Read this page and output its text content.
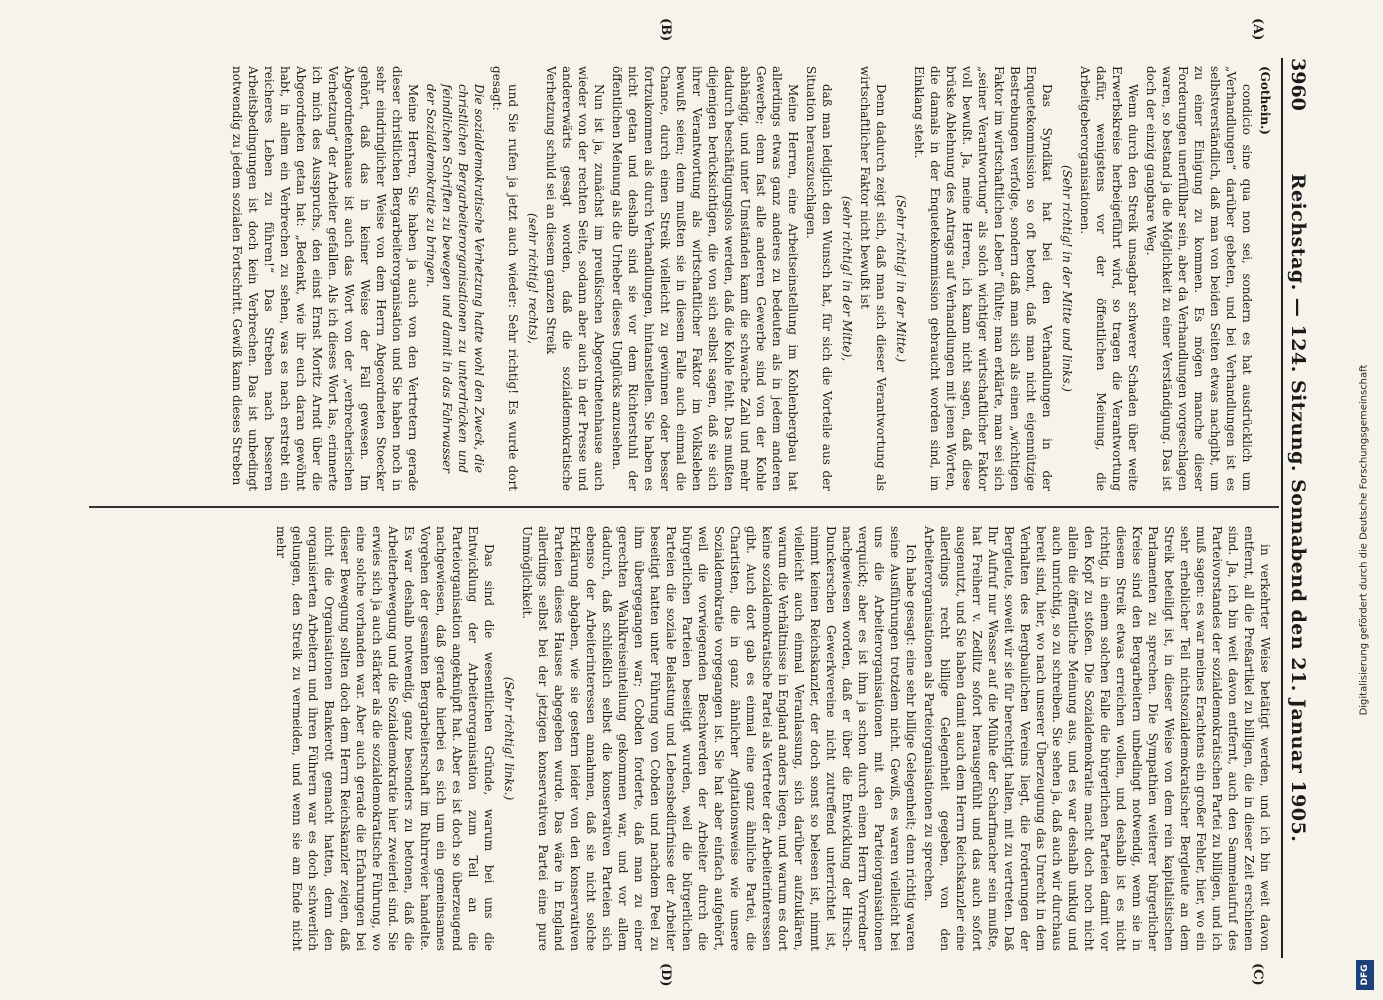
3960
Reichstag. — 124. Sitzung. Sonnabend den 21. Januar 1905.
(A)
(B)
(C)
(D)

(Gothein.)

condicio sine qua non sei, sondern es hat ausdrücklich um „Verhandlungen“ darüber gebeten, und bei Verhandlungen ist es selbstverständlich, daß man von beiden Seiten etwas nachgibt, um zu einer Einigung zu kommen. Es mögen manche dieser Forderungen unerfüllbar sein, aber da Verhandlungen vorgeschlagen waren, so bestand ja die Möglichkeit zu einer Verständigung. Das ist doch der einzig gangbare Weg.

Wenn durch den Streik unsagbar schwerer Schaden über weite Erwerbskreise herbeigeführt wird, so tragen die Verantwortung dafür, wenigstens vor der öffentlichen Meinung, die Arbeitgeberorganisationen.

(Sehr richtig! in der Mitte und links.)

Das Syndikat hat bei den Verhandlungen in der Enquetekommission so oft betont, daß man nicht eigennützige Bestrebungen verfolge, sondern daß man sich als einen „wichtigen Faktor im wirtschaftlichen Leben“ fühlte; man erklärte, man sei sich „seiner Verantwortung“ als solch wichtiger wirtschaftlicher Faktor voll bewußt. Ja, meine Herren, ich kann nicht sagen, daß diese brüske Ablehnung des Antrags auf Verhandlungen mit jenen Worten, die damals in der Enquetekommission gebraucht worden sind, im Einklang steht.

(Sehr richtig! in der Mitte.)

Denn dadurch zeigt sich, daß man sich dieser Verantwortung als wirtschaftlicher Faktor nicht bewußt ist

(sehr richtig! in der Mitte),

daß man lediglich den Wunsch hat, für sich die Vorteile aus der Situation herauszuschlagen.

Meine Herren, eine Arbeitseinstellung im Kohlenbergbau hat allerdings etwas ganz anderes zu bedeuten als in jedem anderen Gewerbe; denn fast alle anderen Gewerbe sind von der Kohle abhängig, und unter Umständen kann die schwache Zahl und mehr dadurch beschäftigungslos werden, daß die Kohle fehlt. Das mußten diejenigen berücksichtigen, die von sich selbst sagen, daß sie sich ihrer Verantwortung als wirtschaftlicher Faktor im Volksleben bewußt seien; denn mußten sie in diesem Falle auch einmal die Chance, durch einen Streik vielleicht zu gewinnen oder besser fortzukommen als durch Verhandlungen, hintanstellen. Sie haben es nicht getan und deshalb sind sie vor dem Richterstuhl der öffentlichen Meinung als die Urheber dieses Unglücks anzusehen.

Nun ist ja, zunächst im preußischen Abgeordnetenhause auch wieder von der rechten Seite, sodann aber auch in der Presse und andererwärts gesagt worden, daß die sozialdemokratische Verhetzung schuld sei an diesem ganzen Streik

(sehr richtig! rechts),

und Sie rufen ja jetzt auch wieder: Sehr richtig! Es wurde dort gesagt:

Die sozialdemokratische Verhetzung hatte wohl den Zweck, die christlichen Bergarbeiterorganisationen zu unterdrücken und feindlichen Schriften zu bewegen und damit in das Fahrwasser der Sozialdemokratie zu bringen.

Meine Herren, Sie haben ja auch von den Vertretern gerade dieser christlichen Bergarbeiterorganisation und Sie haben noch in sehr eindringlicher Weise von dem Herrn Abgeordneten Stoecker gehört, daß das in keiner Weise der Fall gewesen. Im Abgeordnetenhause ist auch das Wort von der „verbrecherischen Verhetzung“ der Arbeiter gefallen. Als ich dieses Wort las, erinnerte ich mich des Ausspruchs, den einst Ernst Moritz Arndt über die Abgeordneten getan hat: „Bedenkt, wie ihr euch daran gewöhnt habt, in allem ein Verbrechen zu sehen, was es nach erstrebt ein reicheres Leben zu führen!“ Das Streben nach besseren Arbeitsbedingungen ist doch kein Verbrechen. Das ist unbedingt notwendig zu jedem sozialen Fortschritt. Gewiß kann dieses Streben

in verkehrter Weise betätigt werden, und ich bin weit davon entfernt, all die Preßartikel zu billigen, die in dieser Zeit erschienen sind. Ja, ich bin weit davon entfernt, auch den Sammelaufruf des Parteivorstandes der sozialdemokratischen Partei zu billigen, und ich muß sagen: es war meines Erachtens ein großer Fehler, hier, wo ein sehr erheblicher Teil nichtsozialdemokratischer Bergleute an dem Streik beteiligt ist, in dieser Weise von dem rein kapitalistischen Parlamenten zu sprechen. Die Sympathien weiterer bürgerlicher Kreise sind den Bergarbeitern unbedingt notwendig, wenn sie in diesem Streik etwas erreichen wollen, und deshalb ist es nicht richtig, in einem solchen Falle die bürgerlichen Parteien damit vor den Kopf zu stoßen. Die Sozialdemokratie macht doch noch nicht allein die öffentliche Meinung aus, und es war deshalb unklug und auch unrichtig, so zu schreiben. Sie sehen ja, daß auch wir durchaus bereit sind, hier, wo nach unserer Überzeugung das Unrecht in dem Verhalten des Bergbaulichen Vereins liegt, die Forderungen der Bergleute, soweit wir sie für berechtigt halten, mit zu vertreten. Daß Ihr Aufruf nur Wasser auf die Mühle der Scharfmacher sein mußte, hat Freiherr v. Zedlitz sofort herausgefühlt und das auch sofort ausgenutzt, und Sie haben damit auch dem Herrn Reichskanzler eine allerdings recht billige Gelegenheit gegeben, von den Arbeiterorganisationen als Parteiorganisationen zu sprechen.

Ich habe gesagt: eine sehr billige Gelegenheit; denn richtig waren seine Ausführungen trotzdem nicht. Gewiß, es waren vielleicht bei uns die Arbeiterorganisationen mit den Parteiorganisationen verquickt; aber es ist ihm ja schon durch einen Herrn Vorredner nachgewiesen worden, daß er über die Entwicklung der Hirsch-Dunckerschen Gewerkvereine nicht zutreffend unterrichtet ist, nimmt keinen Reichskanzler, der doch sonst so belesen ist, nimmt vielleicht auch einmal Veranlassung, sich darüber aufzuklären, warum die Verhältnisse in England anders liegen, und warum es dort keine sozialdemokratische Partei als Vertreter der Arbeiterinteressen gibt. Auch dort gab es einmal eine ganz ähnliche Partei, die Chartisten, die in ganz ähnlicher Agitationsweise wie unsere Sozialdemokratie vorgegangen ist. Sie hat aber einfach aufgehört, weil die vorwiegenden Beschwerden der Arbeiter durch die bürgerlichen Parteien beseitigt wurden, weil die bürgerlichen Parteien die soziale Belastung und Lebensbedürfnisse der Arbeiter beseitigt hatten unter Führung von Cobden und nachdem Peel zu ihm übergegangen war; Cobden forderte, daß man zu einer gerechten Wahlkreiseinteilung gekommen war, und vor allem dadurch, daß schließlich selbst die konservativen Parteien sich ebenso der Arbeiterinteressen annahmen, daß sie nicht solche Erklärung abgaben, wie sie gestern leider von den konservativen Parteien dieses Hauses abgegeben wurde. Das wäre in England allerdings selbst bei der jetzigen konservativen Partei eine pure Unmöglichkeit.

(Sehr richtig! links.)

Das sind die wesentlichen Gründe, warum bei uns die Entwicklung der Arbeiterorganisation zum Teil an die Parteiorganisation angeknüpft hat. Aber es ist doch so überzeugend nachgewiesen, daß gerade hierbei es sich um ein gemeinsames Vorgehen der gesamten Bergarbeiterschaft im Ruhrrevier handelte. Es war deshalb notwendig, ganz besonders zu betonen, daß die Arbeiterbewegung und die Sozialdemokratie hier zweierlei sind. Sie erwies sich ja auch stärker als die sozialdemokratische Führung, wo eine solche vorhanden war. Aber auch gerade die Erfahrungen bei dieser Bewegung sollten doch dem Herrn Reichskanzler zeigen, daß nicht die Organisationen Bankerott gemacht hatten, denn den organisierten Arbeitern und ihren Führern war es doch schwerlich gelungen, den Streik zu vermeiden, und wenn sie am Ende nicht mehr	Digitalisierung gefördert durch die Deutsche Forschungsgemeinschaft
DFG
